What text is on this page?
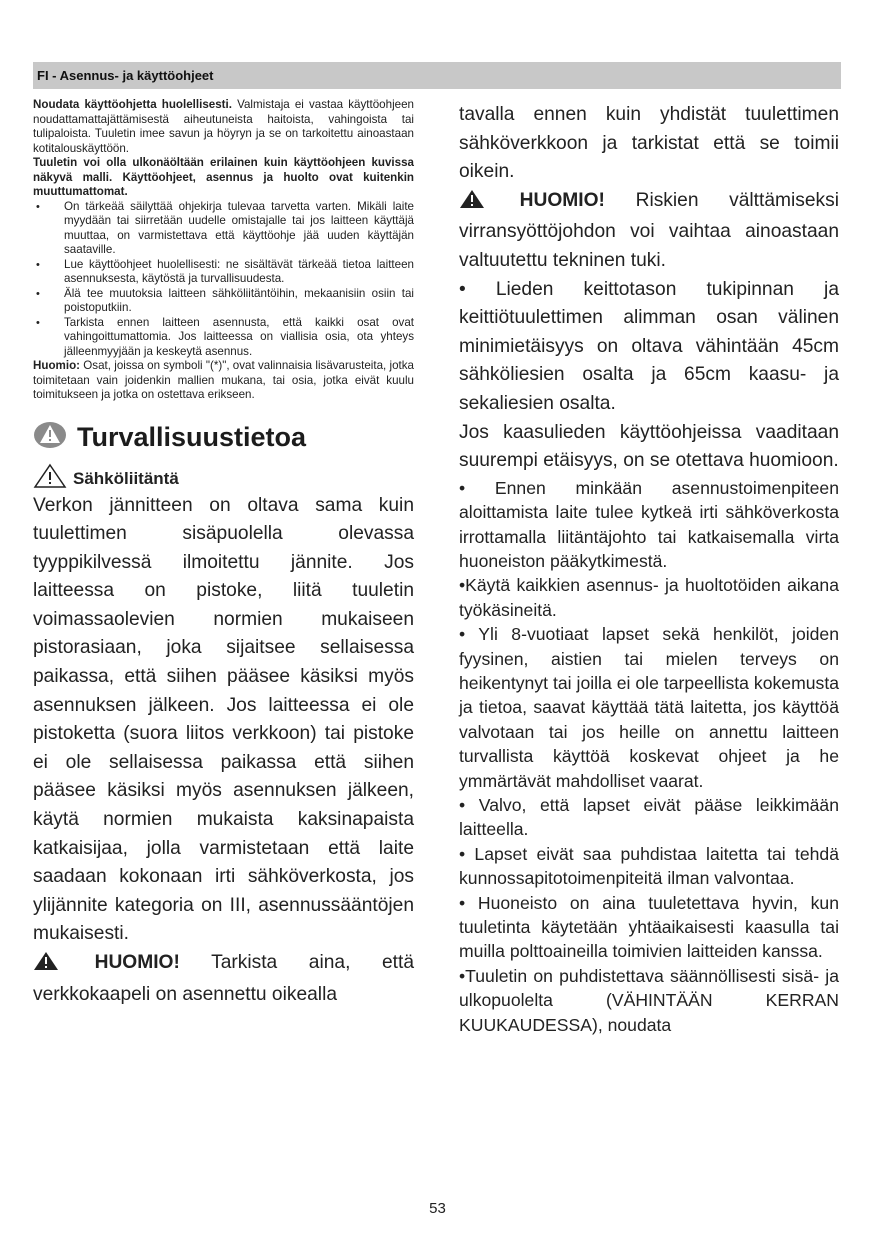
FI - Asennus- ja käyttöohjeet

Noudata käyttöohjetta huolellisesti. Valmistaja ei vastaa käyttöohjeen noudattamattajättämisestä aiheutuneista haitoista, vahingoista tai tulipaloista. Tuuletin imee savun ja höyryn ja se on tarkoitettu ainoastaan kotitalouskäyttöön.

Tuuletin voi olla ulkonäöltään erilainen kuin käyttöohjeen kuvissa näkyvä malli. Käyttöohjeet, asennus ja huolto ovat kuitenkin muuttumattomat.

• On tärkeää säilyttää ohjekirja tulevaa tarvetta varten. Mikäli laite myydään tai siirretään uudelle omistajalle tai jos laitteen käyttäjä muuttaa, on varmistettava että käyttöohje jää uuden käyttäjän saataville.
• Lue käyttöohjeet huolellisesti: ne sisältävät tärkeää tietoa laitteen asennuksesta, käytöstä ja turvallisuudesta.
• Älä tee muutoksia laitteen sähköliitäntöihin, mekaanisiin osiin tai poistoputkiin.
• Tarkista ennen laitteen asennusta, että kaikki osat ovat vahingoittumattomia. Jos laitteessa on viallisia osia, ota yhteys jälleenmyyjään ja keskeytä asennus.

Huomio: Osat, joissa on symboli "(*)", ovat valinnaisia lisävarusteita, jotka toimitetaan vain joidenkin mallien mukana, tai osia, jotka eivät kuulu toimitukseen ja jotka on ostettava erikseen.

Turvallisuustietoa
Sähköliitäntä

Verkon jännitteen on oltava sama kuin tuulettimen sisäpuolella olevassa tyyppikilvessä ilmoitettu jännite. Jos laitteessa on pistoke, liitä tuuletin voimassaolevien normien mukaiseen pistorasiaan, joka sijaitsee sellaisessa paikassa, että siihen pääsee käsiksi myös asennuksen jälkeen. Jos laitteessa ei ole pistoketta (suora liitos verkkoon) tai pistoke ei ole sellaisessa paikassa että siihen pääsee käsiksi myös asennuksen jälkeen, käytä normien mukaista kaksinapaista katkaisijaa, jolla varmistetaan että laite saadaan kokonaan irti sähköverkosta, jos ylijännite kategoria on III, asennussääntöjen mukaisesti.

HUOMIO! Tarkista aina, että verkkokaapeli on asennettu oikealla

tavalla ennen kuin yhdistät tuulettimen sähköverkkoon ja tarkistat että se toimii oikein.

HUOMIO! Riskien välttämiseksi virransyöttöjohdon voi vaihtaa ainoastaan valtuutettu tekninen tuki.

• Lieden keittotason tukipinnan ja keittiötuulettimen alimman osan välinen minimietäisyys on oltava vähintään 45cm sähköliesien osalta ja 65cm kaasu- ja sekaliesien osalta.

Jos kaasulieden käyttöohjeissa vaaditaan suurempi etäisyys, on se otettava huomioon.

• Ennen minkään asennustoimenpiteen aloittamista laite tulee kytkeä irti sähköverkosta irrottamalla liitäntäjohto tai katkaisemalla virta huoneiston pääkytkimestä.

•Käytä kaikkien asennus- ja huoltotöiden aikana työkäsineitä.

• Yli 8-vuotiaat lapset sekä henkilöt, joiden fyysinen, aistien tai mielen terveys on heikentynyt tai joilla ei ole tarpeellista kokemusta ja tietoa, saavat käyttää tätä laitetta, jos käyttöä valvotaan tai jos heille on annettu laitteen turvallista käyttöä koskevat ohjeet ja he ymmärtävät mahdolliset vaarat.

• Valvo, että lapset eivät pääse leikkimään laitteella.

• Lapset eivät saa puhdistaa laitetta tai tehdä kunnossapitotoimenpiteitä ilman valvontaa.

• Huoneisto on aina tuuletettava hyvin, kun tuuletinta käytetään yhtäaikaisesti kaasulla tai muilla polttoaineilla toimivien laitteiden kanssa.

•Tuuletin on puhdistettava säännöllisesti sisä- ja ulkopuolelta (VÄHINTÄÄN KERRAN KUUKAUDESSA), noudata

53
